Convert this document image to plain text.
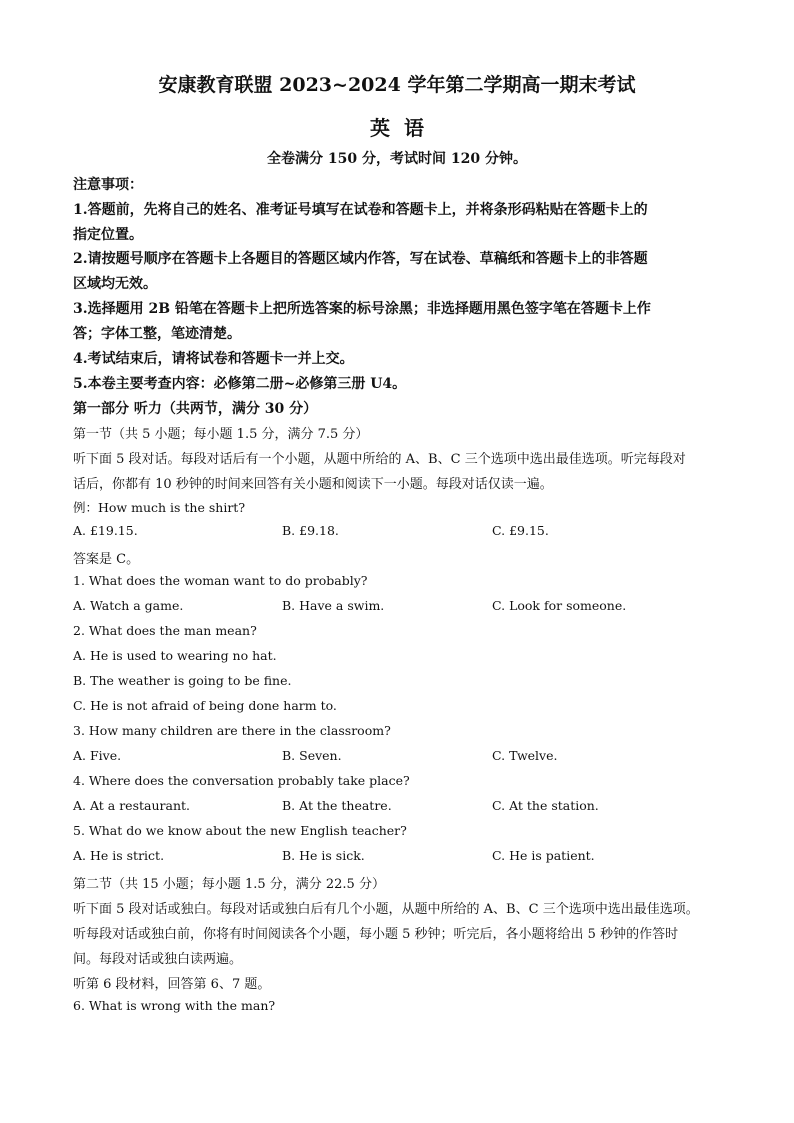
安康教育联盟 2023~2024 学年第二学期高一期末考试
英语
全卷满分 150 分，考试时间 120 分钟。
注意事项：
1.答题前，先将自己的姓名、准考证号填写在试卷和答题卡上，并将条形码粘贴在答题卡上的
指定位置。
2.请按题号顺序在答题卡上各题目的答题区域内作答，写在试卷、草稿纸和答题卡上的非答题
区域均无效。
3.选择题用 2B 铅笔在答题卡上把所选答案的标号涂黑；非选择题用黑色签字笔在答题卡上作
答；字体工整，笔迹清楚。
4.考试结束后，请将试卷和答题卡一并上交。
5.本卷主要考查内容：必修第二册~必修第三册 U4。
第一部分 听力（共两节，满分 30 分）
第一节（共 5 小题；每小题 1.5 分，满分 7.5 分）
听下面 5 段对话。每段对话后有一个小题，从题中所给的 A、B、C 三个选项中选出最佳选项。听完每段对
话后，你都有 10 秒钟的时间来回答有关小题和阅读下一小题。每段对话仅读一遍。
例：How much is the shirt?
A. £19.15.	B. £9.18.	C. £9.15.
答案是 C。
1. What does the woman want to do probably?
A. Watch a game.	B. Have a swim.	C. Look for someone.
2. What does the man mean?
A. He is used to wearing no hat.
B. The weather is going to be fine.
C. He is not afraid of being done harm to.
3. How many children are there in the classroom?
A. Five.	B. Seven.	C. Twelve.
4. Where does the conversation probably take place?
A. At a restaurant.	B. At the theatre.	C. At the station.
5. What do we know about the new English teacher?
A. He is strict.	B. He is sick.	C. He is patient.
第二节（共 15 小题；每小题 1.5 分，满分 22.5 分）
听下面 5 段对话或独白。每段对话或独白后有几个小题，从题中所给的 A、B、C 三个选项中选出最佳选项。
听每段对话或独白前，你将有时间阅读各个小题，每小题 5 秒钟；听完后，各小题将给出 5 秒钟的作答时
间。每段对话或独白读两遍。
听第 6 段材料，回答第 6、7 题。
6. What is wrong with the man?
